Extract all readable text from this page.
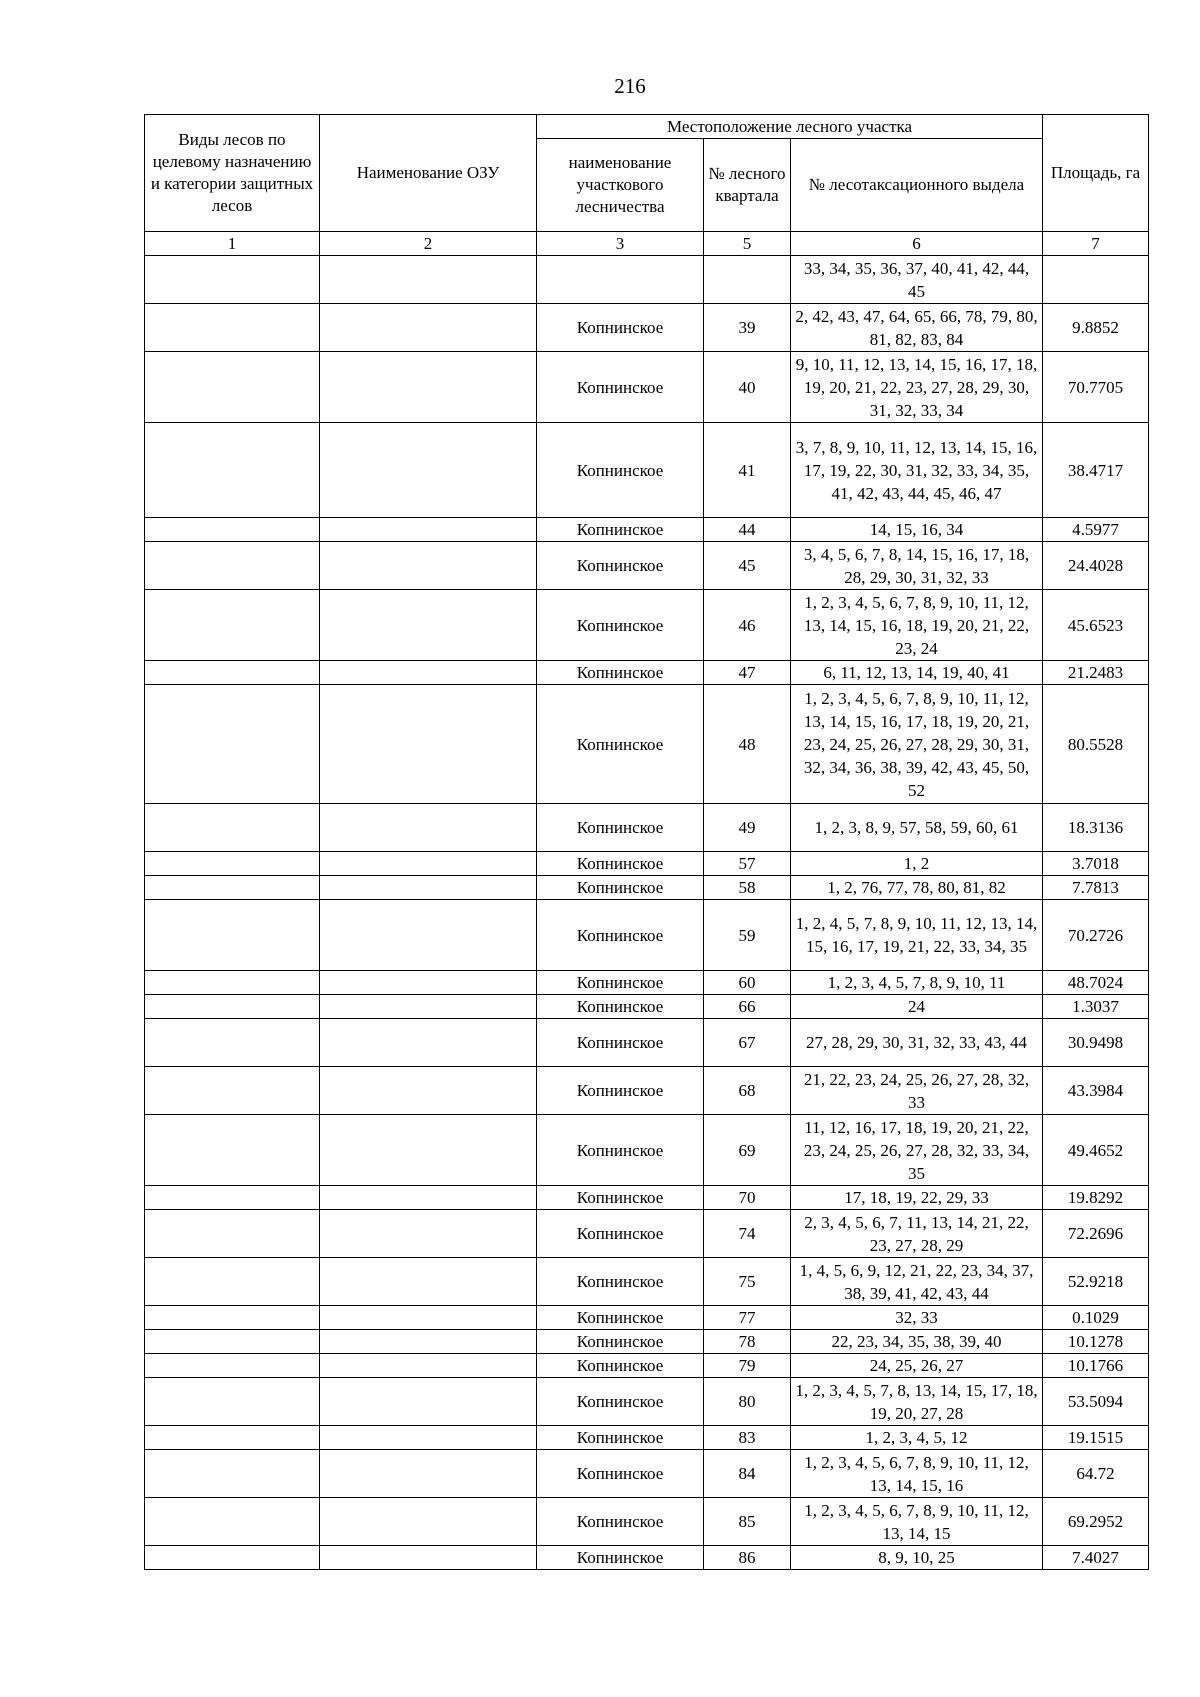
216
Виды лесов по целевому назначению и категории защитных лесов	Наименование ОЗУ	Местоположение лесного участка			Площадь, га
		наименование участкового лесничества	№ лесного квартала	№ лесотаксационного выдела	
1	2	3	5	6	7
				33, 34, 35, 36, 37, 40, 41, 42, 44, 45	
		Копнинское	39	2, 42, 43, 47, 64, 65, 66, 78, 79, 80, 81, 82, 83, 84	9.8852
		Копнинское	40	9, 10, 11, 12, 13, 14, 15, 16, 17, 18, 19, 20, 21, 22, 23, 27, 28, 29, 30, 31, 32, 33, 34	70.7705
		Копнинское	41	3, 7, 8, 9, 10, 11, 12, 13, 14, 15, 16, 17, 19, 22, 30, 31, 32, 33, 34, 35, 41, 42, 43, 44, 45, 46, 47	38.4717
		Копнинское	44	14, 15, 16, 34	4.5977
		Копнинское	45	3, 4, 5, 6, 7, 8, 14, 15, 16, 17, 18, 28, 29, 30, 31, 32, 33	24.4028
		Копнинское	46	1, 2, 3, 4, 5, 6, 7, 8, 9, 10, 11, 12, 13, 14, 15, 16, 18, 19, 20, 21, 22, 23, 24	45.6523
		Копнинское	47	6, 11, 12, 13, 14, 19, 40, 41	21.2483
		Копнинское	48	1, 2, 3, 4, 5, 6, 7, 8, 9, 10, 11, 12, 13, 14, 15, 16, 17, 18, 19, 20, 21, 23, 24, 25, 26, 27, 28, 29, 30, 31, 32, 34, 36, 38, 39, 42, 43, 45, 50, 52	80.5528
		Копнинское	49	1, 2, 3, 8, 9, 57, 58, 59, 60, 61	18.3136
		Копнинское	57	1, 2	3.7018
		Копнинское	58	1, 2, 76, 77, 78, 80, 81, 82	7.7813
		Копнинское	59	1, 2, 4, 5, 7, 8, 9, 10, 11, 12, 13, 14, 15, 16, 17, 19, 21, 22, 33, 34, 35	70.2726
		Копнинское	60	1, 2, 3, 4, 5, 7, 8, 9, 10, 11	48.7024
		Копнинское	66	24	1.3037
		Копнинское	67	27, 28, 29, 30, 31, 32, 33, 43, 44	30.9498
		Копнинское	68	21, 22, 23, 24, 25, 26, 27, 28, 32, 33	43.3984
		Копнинское	69	11, 12, 16, 17, 18, 19, 20, 21, 22, 23, 24, 25, 26, 27, 28, 32, 33, 34, 35	49.4652
		Копнинское	70	17, 18, 19, 22, 29, 33	19.8292
		Копнинское	74	2, 3, 4, 5, 6, 7, 11, 13, 14, 21, 22, 23, 27, 28, 29	72.2696
		Копнинское	75	1, 4, 5, 6, 9, 12, 21, 22, 23, 34, 37, 38, 39, 41, 42, 43, 44	52.9218
		Копнинское	77	32, 33	0.1029
		Копнинское	78	22, 23, 34, 35, 38, 39, 40	10.1278
		Копнинское	79	24, 25, 26, 27	10.1766
		Копнинское	80	1, 2, 3, 4, 5, 7, 8, 13, 14, 15, 17, 18, 19, 20, 27, 28	53.5094
		Копнинское	83	1, 2, 3, 4, 5, 12	19.1515
		Копнинское	84	1, 2, 3, 4, 5, 6, 7, 8, 9, 10, 11, 12, 13, 14, 15, 16	64.72
		Копнинское	85	1, 2, 3, 4, 5, 6, 7, 8, 9, 10, 11, 12, 13, 14, 15	69.2952
		Копнинское	86	8, 9, 10, 25	7.4027
